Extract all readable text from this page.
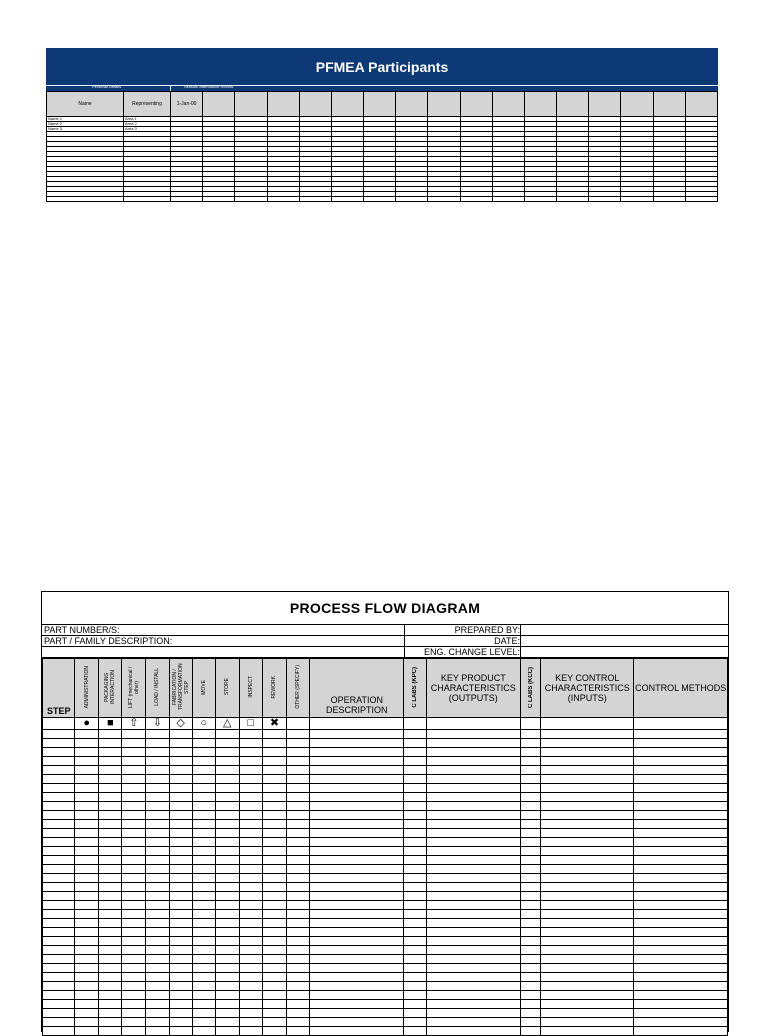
PFMEA Participants
Personal Details	Session Attendance Record
Name	Representing	1-Jan-00																
Name 1	Area 1																	
Name 2	Area 2																	
Name 3	Area 3																	

PROCESS FLOW DIAGRAM
PART NUMBER/S:	PREPARED BY:
PART / FAMILY DESCRIPTION:	DATE:
ENG. CHANGE LEVEL:
STEP	ADMINISTRATION	PACKAGING INTERACTION	LIFT (mechanical / other)	LOAD / INSTALL	FABRICATION / TRANSFORMATION STEP	MOVE	STORE	INSPECT	REWORK	OTHER (SPECIFY)	OPERATION DESCRIPTION	C LABS (KPC)	KEY PRODUCT CHARACTERISTICS (OUTPUTS)	C LABS (KCC)	KEY CONTROL CHARACTERISTICS (INPUTS)	CONTROL METHODS
	●	■	⇧	⇩	◇	○	△	□	✖							
